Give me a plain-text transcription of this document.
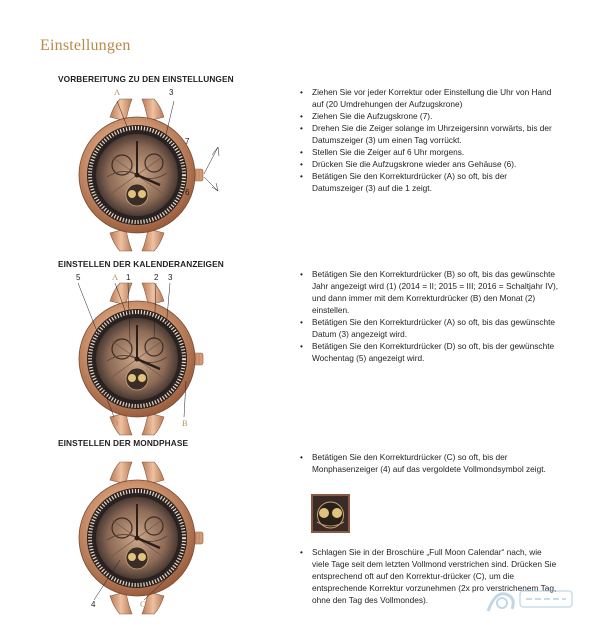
Einstellungen
VORBEREITUNG ZU DEN EINSTELLUNGEN
A	3
7
6
• Ziehen Sie vor jeder Korrektur oder Einstellung die Uhr von Hand auf (20 Umdrehungen der Aufzugskrone)
• Ziehen Sie die Aufzugskrone (7).
• Drehen Sie die Zeiger solange im Uhrzeigersinn vorwärts, bis der Datumszeiger (3) um einen Tag vorrückt.
• Stellen Sie die Zeiger auf 6 Uhr morgens.
• Drücken Sie die Aufzugskrone wieder ans Gehäuse (6).
• Betätigen Sie den Korrekturdrücker (A) so oft, bis der Datumszeiger (3) auf die 1 zeigt.
EINSTELLEN DER KALENDERANZEIGEN
5	A 1	2 3
D	B
• Betätigen Sie den Korrekturdrücker (B) so oft, bis das gewünschte Jahr angezeigt wird (1) (2014 = II; 2015 = III; 2016 = Schaltjahr IV), und dann immer mit dem Korrekturdrücker (B) den Monat (2) einstellen.
• Betätigen Sie den Korrekturdrücker (A) so oft, bis das gewünschte Datum (3) angezeigt wird.
• Betätigen Sie den Korrekturdrücker (D) so oft, bis der gewünschte Wochentag (5) angezeigt wird.
EINSTELLEN DER MONDPHASE
4	C
• Betätigen Sie den Korrekturdrücker (C) so oft, bis der Monphasenzeiger (4) auf das vergoldete Vollmondsymbol zeigt.
• Schlagen Sie in der Broschüre „Full Moon Calendar“ nach, wie viele Tage seit dem letzten Vollmond verstrichen sind. Drücken Sie entsprechend oft auf den Korrektur-drücker (C), um die entsprechende Korrektur vorzunehmen (2x pro verstrichenem Tag, ohne den Tag des Vollmondes).
